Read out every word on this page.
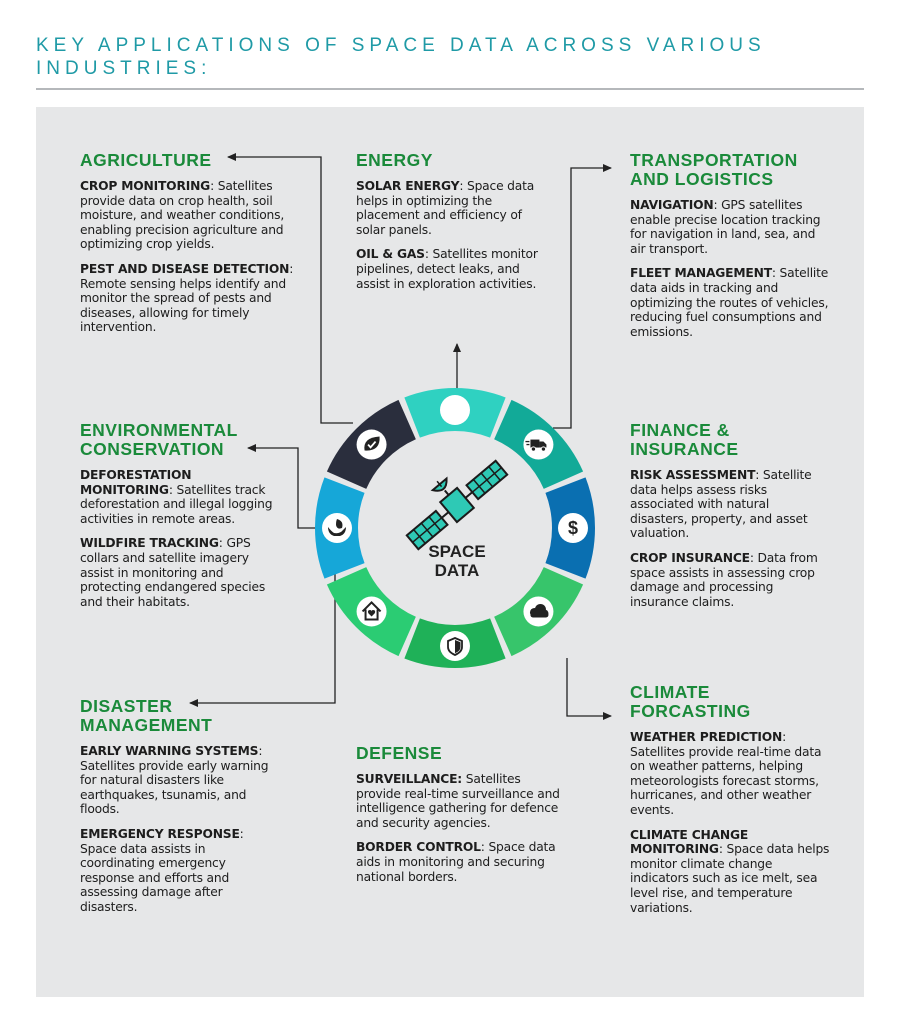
KEY APPLICATIONS OF SPACE DATA ACROSS VARIOUS INDUSTRIES:
$
SPACE
DATA
AGRICULTURE

CROP MONITORING: Satellites provide data on crop health, soil moisture, and weather conditions, enabling precision agriculture and optimizing crop yields.

PEST AND DISEASE DETECTION: Remote sensing helps identify and monitor the spread of pests and diseases, allowing for timely intervention.

ENERGY

SOLAR ENERGY: Space data helps in optimizing the placement and efficiency of solar panels.

OIL & GAS: Satellites monitor pipelines, detect leaks, and assist in exploration activities.

TRANSPORTATION AND LOGISTICS

NAVIGATION: GPS satellites enable precise location tracking for navigation in land, sea, and air transport.

FLEET MANAGEMENT: Satellite data aids in tracking and optimizing the routes of vehicles, reducing fuel consumptions and emissions.

ENVIRONMENTAL CONSERVATION

DEFORESTATION MONITORING: Satellites track deforestation and illegal logging activities in remote areas.

WILDFIRE TRACKING: GPS collars and satellite imagery assist in monitoring and protecting endangered species and their habitats.

FINANCE & INSURANCE

RISK ASSESSMENT: Satellite data helps assess risks associated with natural disasters, property, and asset valuation.

CROP INSURANCE: Data from space assists in assessing crop damage and processing insurance claims.

DISASTER MANAGEMENT

EARLY WARNING SYSTEMS: Satellites provide early warning for natural disasters like earthquakes, tsunamis, and floods.

EMERGENCY RESPONSE: Space data assists in coordinating emergency response and efforts and assessing damage after disasters.

DEFENSE

SURVEILLANCE: Satellites provide real-time surveillance and intelligence gathering for defence and security agencies.

BORDER CONTROL: Space data aids in monitoring and securing national borders.

CLIMATE FORCASTING

WEATHER PREDICTION: Satellites provide real-time data on weather patterns, helping meteorologists forecast storms, hurricanes, and other weather events.

CLIMATE CHANGE MONITORING: Space data helps monitor climate change indicators such as ice melt, sea level rise, and temperature variations.
